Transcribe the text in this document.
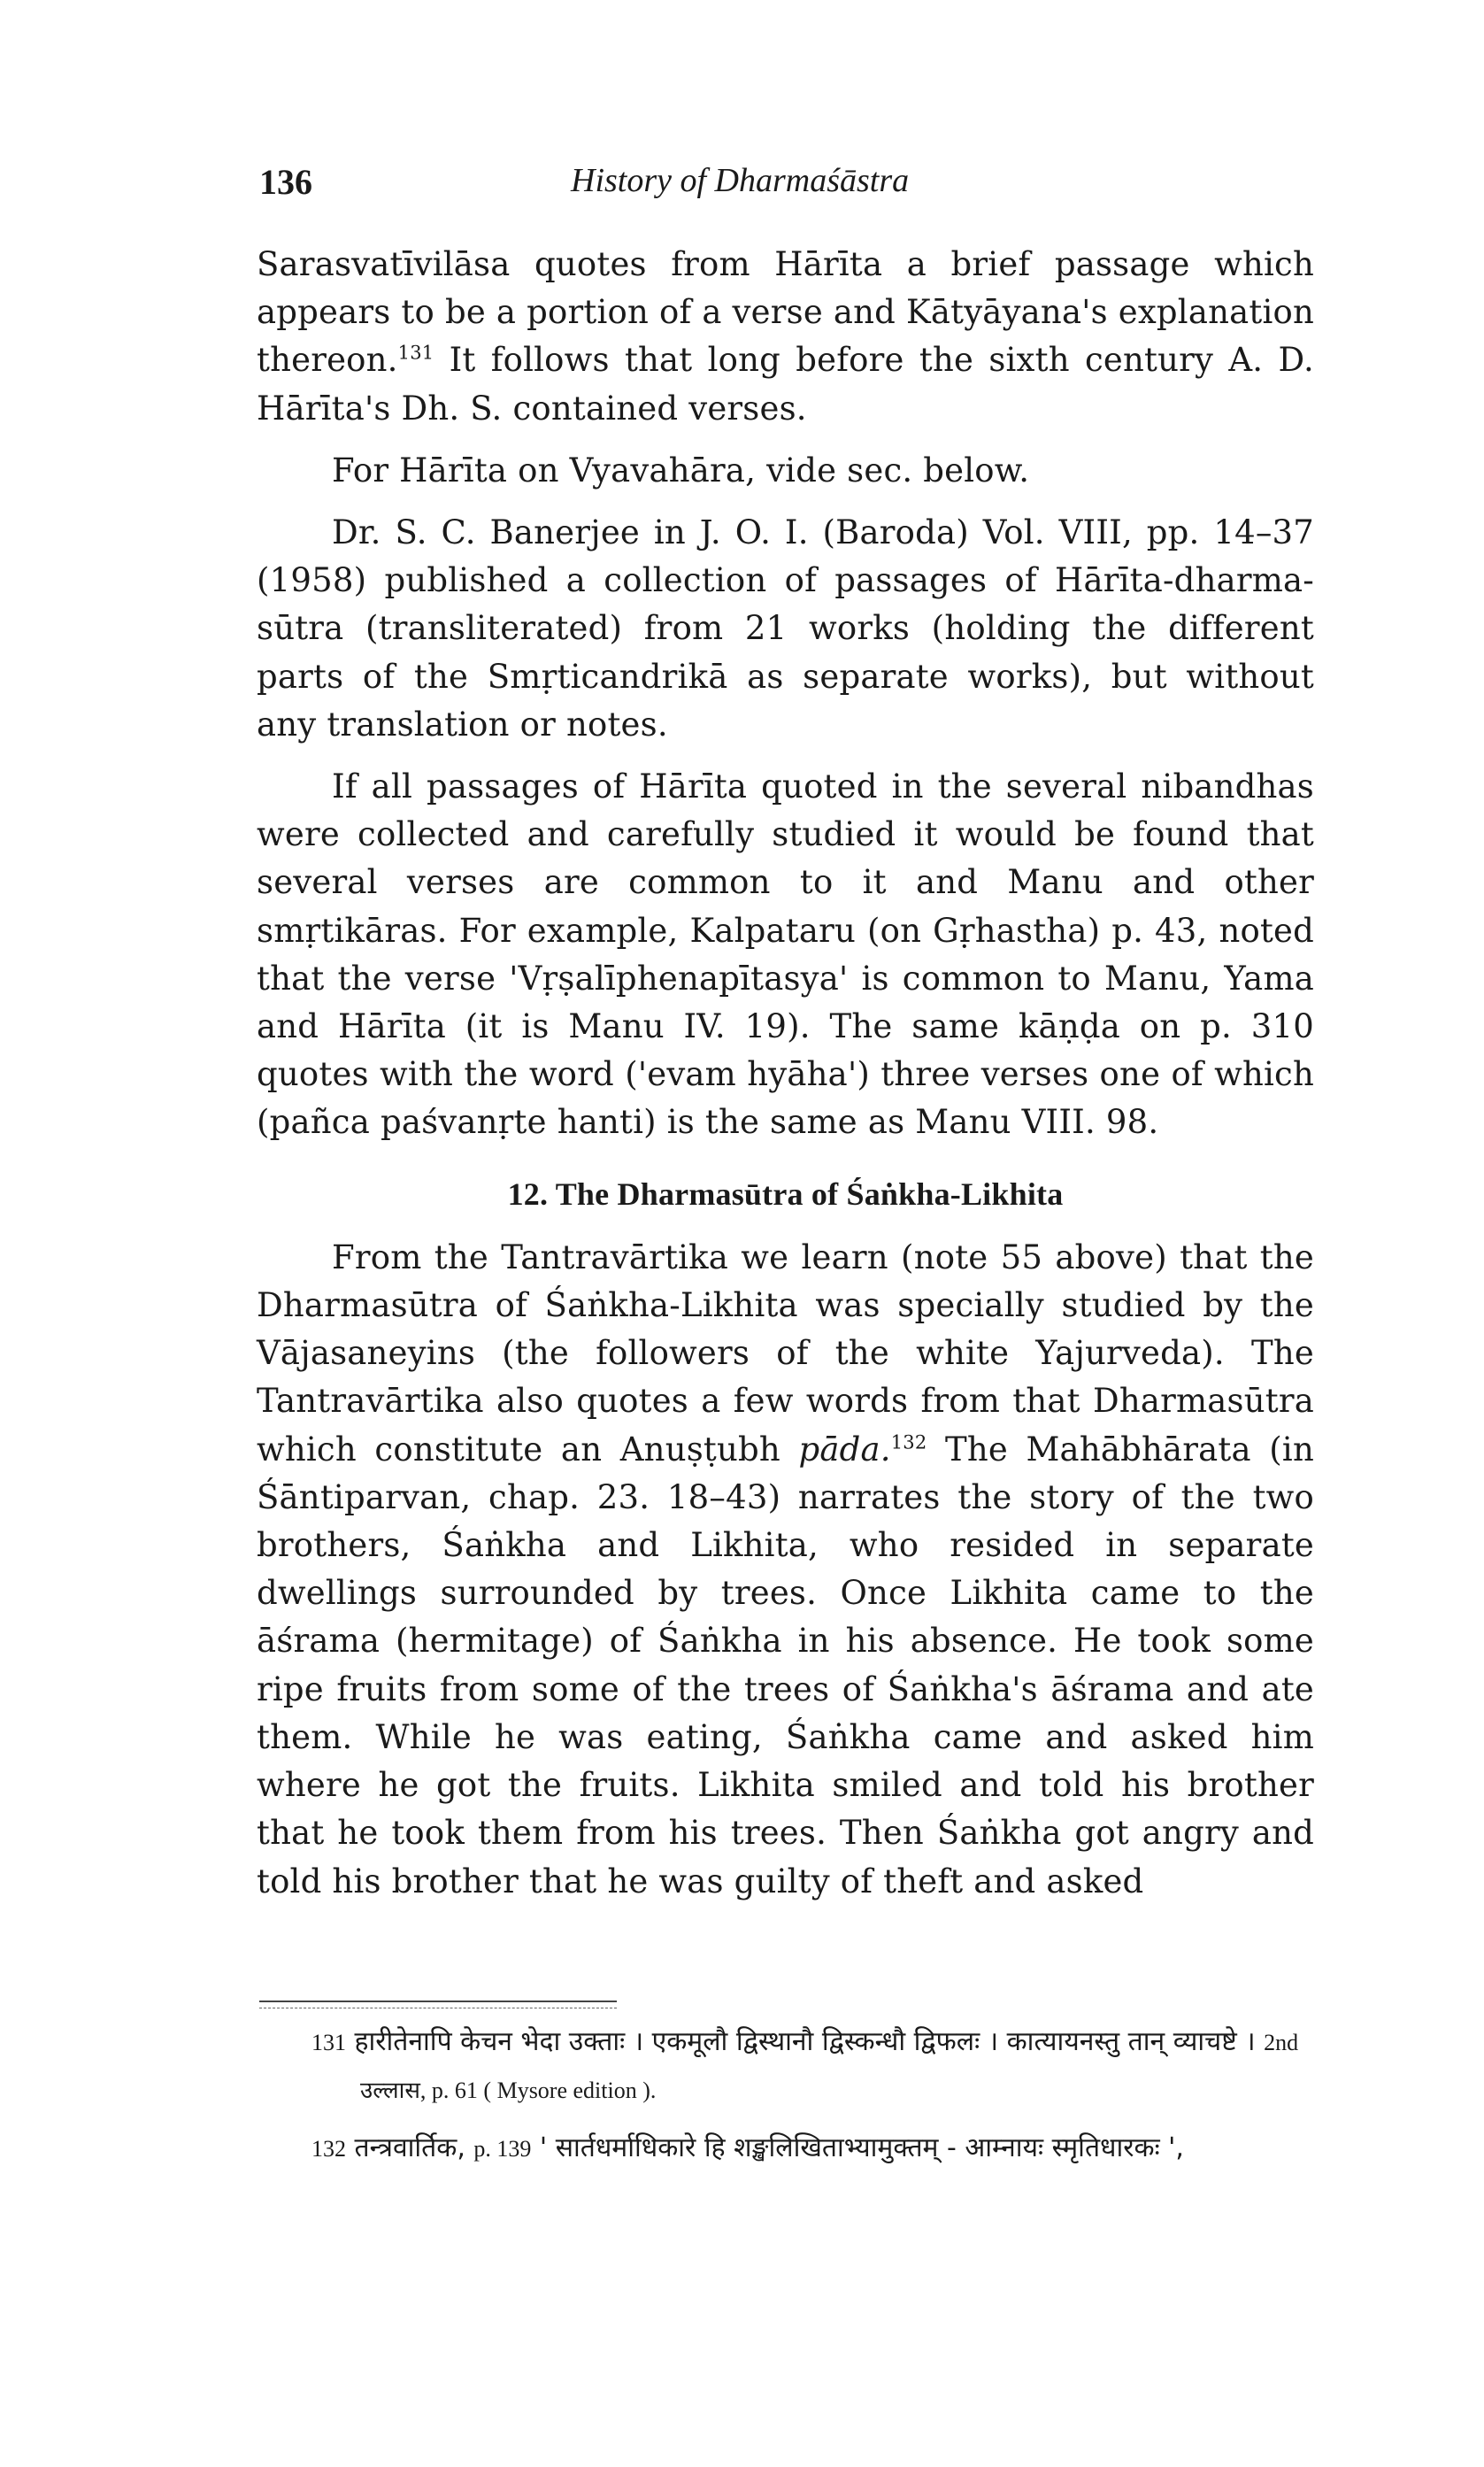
136	History of Dharmaśāstra

Sarasvatīvilāsa quotes from Hārīta a brief passage which appears to be a portion of a verse and Kātyāyana's explanation thereon.$^{131}$ It follows that long before the sixth century A. D. Hārīta's Dh. S. contained verses.

For Hārīta on Vyavahāra, vide sec. below.

Dr. S. C. Banerjee in J. O. I. (Baroda) Vol. VIII, pp. 14–37 (1958) published a collection of passages of Hārīta-dharma-sūtra (transliterated) from 21 works (holding the different parts of the Smṛticandrikā as separate works), but without any translation or notes.

If all passages of Hārīta quoted in the several nibandhas were collected and carefully studied it would be found that several verses are common to it and Manu and other smṛtikāras. For example, Kalpataru (on Gṛhastha) p. 43, noted that the verse 'Vṛṣalīphenapītasya' is common to Manu, Yama and Hārīta (it is Manu IV. 19). The same kāṇḍa on p. 310 quotes with the word ('evam hyāha') three verses one of which (pañca paśvanṛte hanti) is the same as Manu VIII. 98.

12. The Dharmasūtra of Śaṅkha-Likhita

From the Tantravārtika we learn (note 55 above) that the Dharmasūtra of Śaṅkha-Likhita was specially studied by the Vājasaneyins (the followers of the white Yajurveda). The Tantravārtika also quotes a few words from that Dharmasūtra which constitute an Anuṣṭubh pāda.$^{132}$ The Mahābhārata (in Śāntiparvan, chap. 23. 18–43) narrates the story of the two brothers, Śaṅkha and Likhita, who resided in separate dwellings surrounded by trees. Once Likhita came to the āśrama (hermitage) of Śaṅkha in his absence. He took some ripe fruits from some of the trees of Śaṅkha's āśrama and ate them. While he was eating, Śaṅkha came and asked him where he got the fruits. Likhita smiled and told his brother that he took them from his trees. Then Śaṅkha got angry and told his brother that he was guilty of theft and asked

131 हारीतेनापि केचन भेदा उक्ताः । एकमूलौ द्विस्थानौ द्विस्कन्धौ द्विफलः । कात्यायनस्तु तान् व्याचष्टे । 2nd उल्लास, p. 61 ( Mysore edition ).

132 तन्त्रवार्तिक, p. 139 ' सार्तधर्माधिकारे हि शङ्खलिखिताभ्यामुक्तम् - आम्नायः स्मृतिधारकः ',
